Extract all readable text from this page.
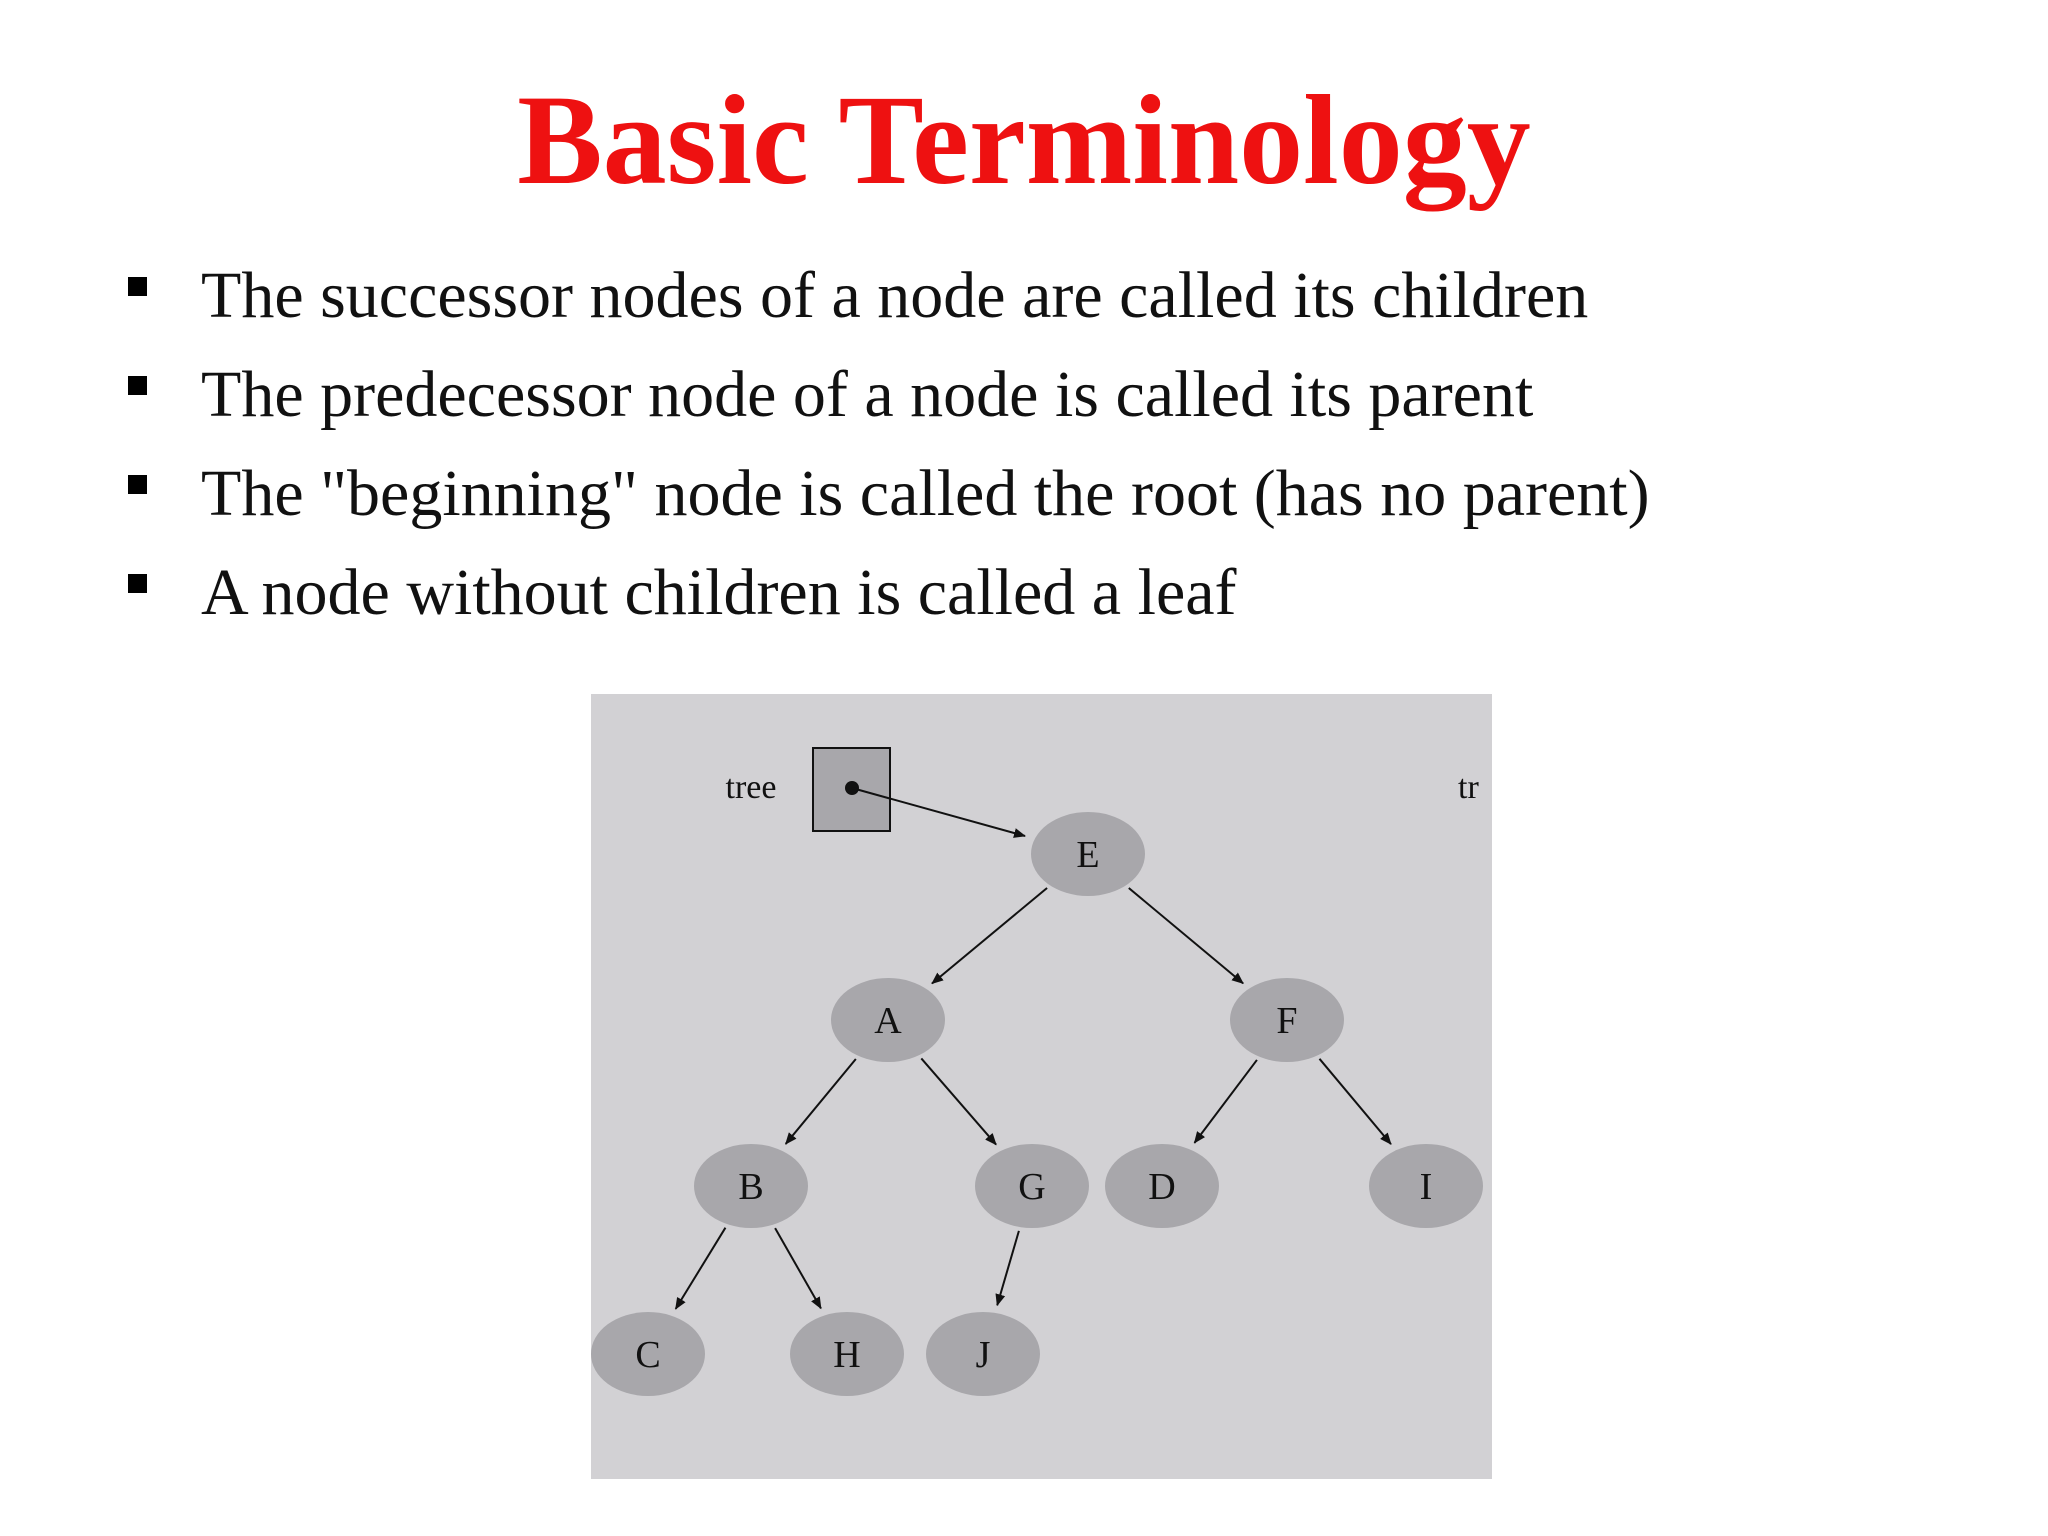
Basic Terminology
The successor nodes of a node are called its children
The predecessor node of a node is called its parent
The "beginning" node is called the root (has no parent)
A node without children is called a leaf
tree	tr
E
A	F
B	G	D	I
C	H	J
